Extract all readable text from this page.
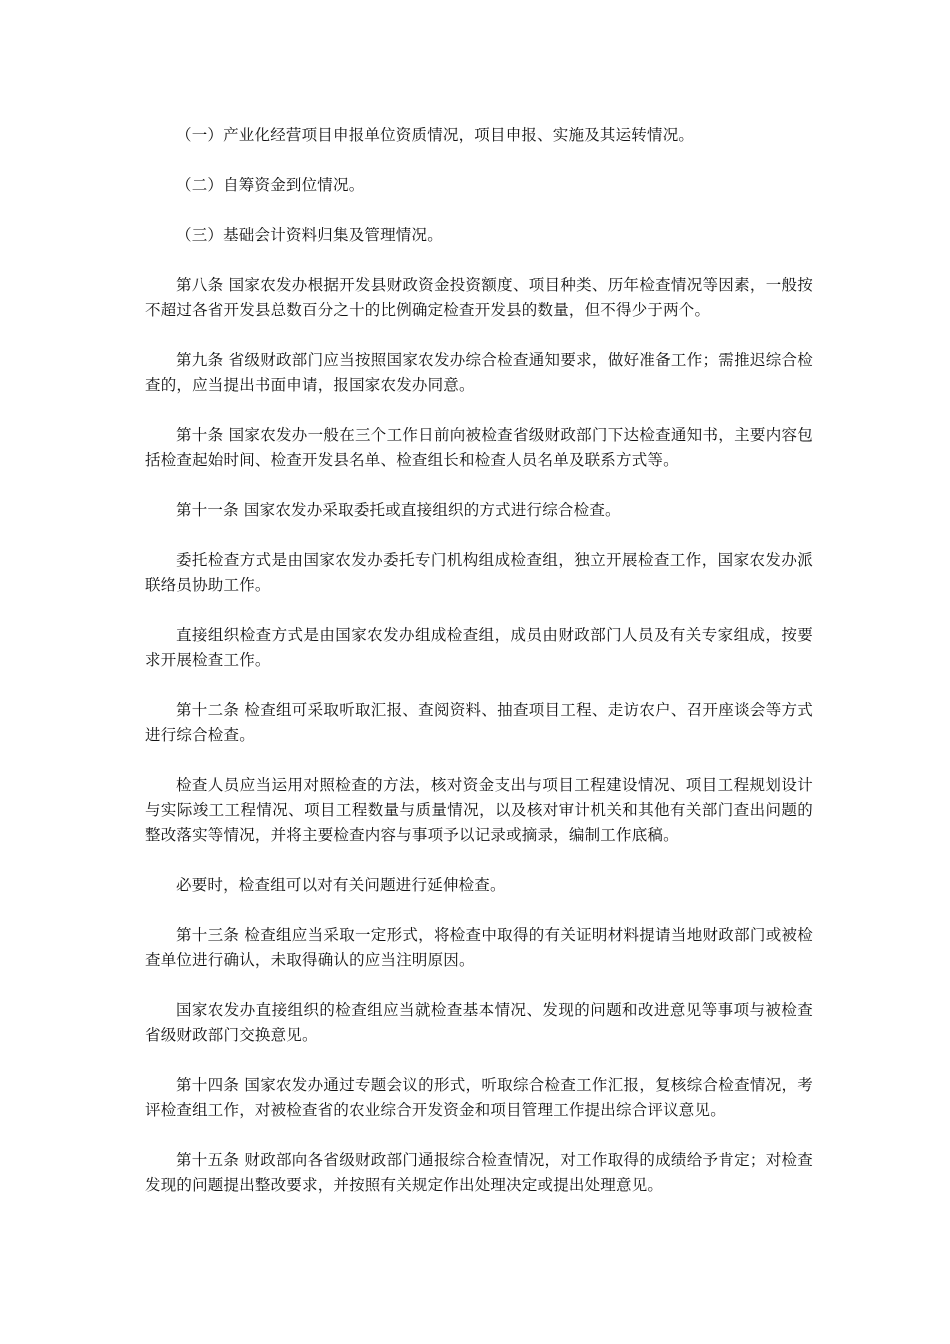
（一）产业化经营项目申报单位资质情况，项目申报、实施及其运转情况。

（二）自筹资金到位情况。

（三）基础会计资料归集及管理情况。

第八条 国家农发办根据开发县财政资金投资额度、项目种类、历年检查情况等因素，一般按不超过各省开发县总数百分之十的比例确定检查开发县的数量，但不得少于两个。

第九条 省级财政部门应当按照国家农发办综合检查通知要求，做好准备工作；需推迟综合检查的，应当提出书面申请，报国家农发办同意。

第十条 国家农发办一般在三个工作日前向被检查省级财政部门下达检查通知书，主要内容包括检查起始时间、检查开发县名单、检查组长和检查人员名单及联系方式等。

第十一条 国家农发办采取委托或直接组织的方式进行综合检查。

委托检查方式是由国家农发办委托专门机构组成检查组，独立开展检查工作，国家农发办派联络员协助工作。

直接组织检查方式是由国家农发办组成检查组，成员由财政部门人员及有关专家组成，按要求开展检查工作。

第十二条 检查组可采取听取汇报、查阅资料、抽查项目工程、走访农户、召开座谈会等方式进行综合检查。

检查人员应当运用对照检查的方法，核对资金支出与项目工程建设情况、项目工程规划设计与实际竣工工程情况、项目工程数量与质量情况，以及核对审计机关和其他有关部门查出问题的整改落实等情况，并将主要检查内容与事项予以记录或摘录，编制工作底稿。

必要时，检查组可以对有关问题进行延伸检查。

第十三条 检查组应当采取一定形式，将检查中取得的有关证明材料提请当地财政部门或被检查单位进行确认，未取得确认的应当注明原因。

国家农发办直接组织的检查组应当就检查基本情况、发现的问题和改进意见等事项与被检查省级财政部门交换意见。

第十四条 国家农发办通过专题会议的形式，听取综合检查工作汇报，复核综合检查情况，考评检查组工作，对被检查省的农业综合开发资金和项目管理工作提出综合评议意见。

第十五条 财政部向各省级财政部门通报综合检查情况，对工作取得的成绩给予肯定；对检查发现的问题提出整改要求，并按照有关规定作出处理决定或提出处理意见。
